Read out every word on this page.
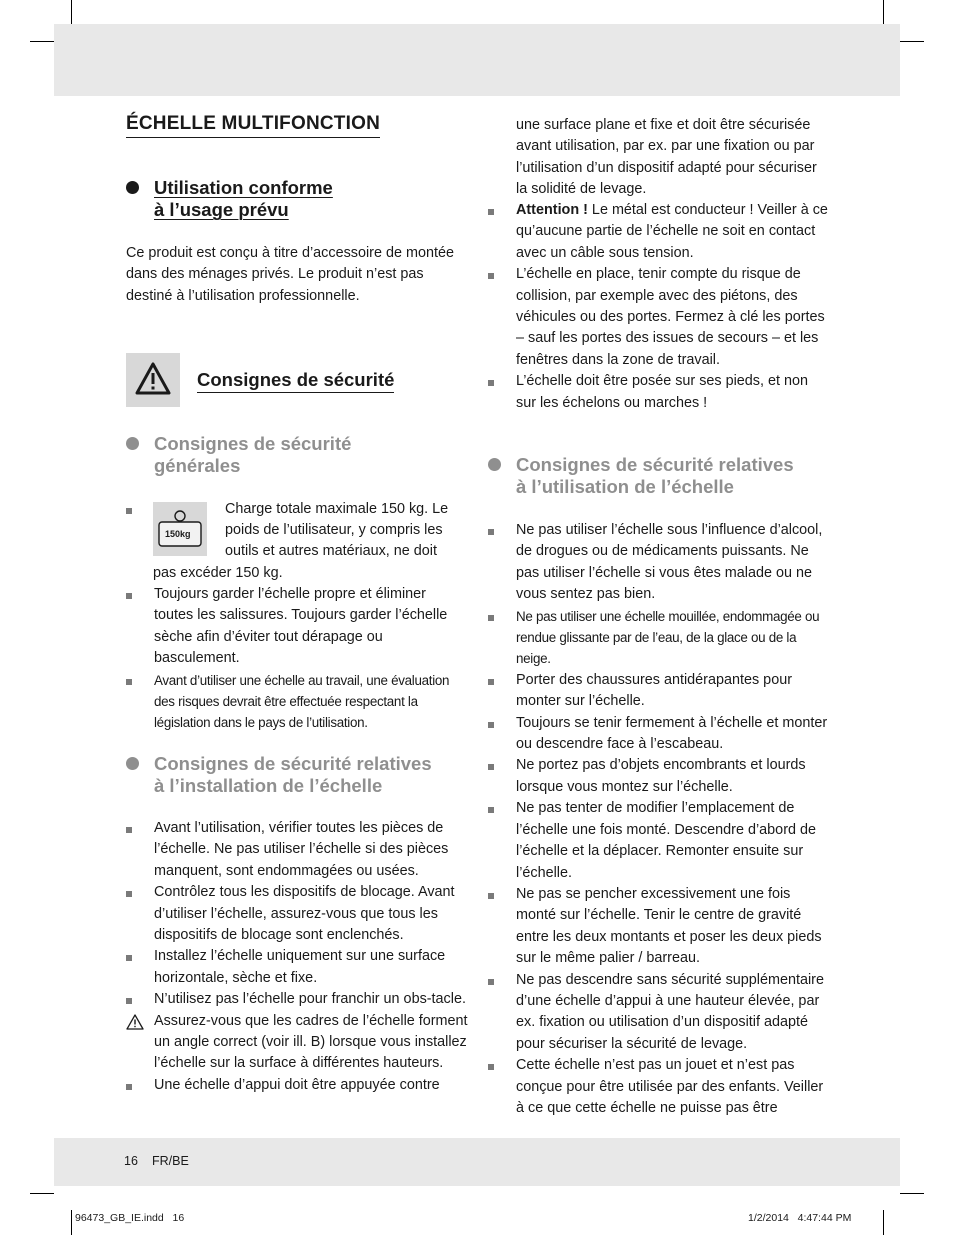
ÉCHELLE MULTIFONCTION
Utilisation conforme
à l’usage prévu

Ce produit est conçu à titre d’accessoire de montée dans des ménages privés. Le produit n’est pas destiné à l’utilisation professionnelle.

Consignes de sécurité
Consignes de sécurité
générales
150kg

Charge totale maximale 150 kg. Le

poids de l’utilisateur, y compris les

outils et autres matériaux, ne doit

pas excéder 150 kg.

Toujours garder l’échelle propre et éliminer toutes les salissures. Toujours garder l’échelle sèche afin d’éviter tout dérapage ou basculement.
Avant d’utiliser une échelle au travail, une évaluation des risques devrait être effectuée respectant la législation dans le pays de l’utilisation.
Consignes de sécurité relatives
à l’installation de l’échelle
Avant l’utilisation, vérifier toutes les pièces de l’échelle. Ne pas utiliser l’échelle si des pièces manquent, sont endommagées ou usées.
Contrôlez tous les dispositifs de blocage. Avant d’utiliser l’échelle, assurez-vous que tous les dispositifs de blocage sont enclenchés.
Installez l’échelle uniquement sur une surface horizontale, sèche et fixe.
N’utilisez pas l’échelle pour franchir un obs-tacle.
Assurez-vous que les cadres de l’échelle forment un angle correct (voir ill. B) lorsque vous installez l’échelle sur la surface à différentes hauteurs.
Une échelle d’appui doit être appuyée contre

une surface plane et fixe et doit être sécurisée avant utilisation, par ex. par une fixation ou par l’utilisation d’un dispositif adapté pour sécuriser la solidité de levage.

Attention ! Le métal est conducteur ! Veiller à ce qu’aucune partie de l’échelle ne soit en contact avec un câble sous tension.
L’échelle en place, tenir compte du risque de collision, par exemple avec des piétons, des véhicules ou des portes. Fermez à clé les portes – sauf les portes des issues de secours – et les fenêtres dans la zone de travail.
L’échelle doit être posée sur ses pieds, et non sur les échelons ou marches !
Consignes de sécurité relatives
à l’utilisation de l’échelle
Ne pas utiliser l’échelle sous l’influence d’alcool, de drogues ou de médicaments puissants. Ne pas utiliser l’échelle si vous êtes malade ou ne vous sentez pas bien.
Ne pas utiliser une échelle mouillée, endommagée ou rendue glissante par de l’eau, de la glace ou de la neige.
Porter des chaussures antidérapantes pour monter sur l’échelle.
Toujours se tenir fermement à l’échelle et monter ou descendre face à l’escabeau.
Ne portez pas d’objets encombrants et lourds lorsque vous montez sur l’échelle.
Ne pas tenter de modifier l’emplacement de l’échelle une fois monté. Descendre d’abord de l’échelle et la déplacer. Remonter ensuite sur l’échelle.
Ne pas se pencher excessivement une fois monté sur l’échelle. Tenir le centre de gravité entre les deux montants et poser les deux pieds sur le même palier / barreau.
Ne pas descendre sans sécurité supplémentaire d’une échelle d’appui à une hauteur élevée, par ex. fixation ou utilisation d’un dispositif adapté pour sécuriser la sécurité de levage.
Cette échelle n’est pas un jouet et n’est pas conçue pour être utilisée par des enfants. Veiller à ce que cette échelle ne puisse pas être
16 FR/BE
96473_GB_IE.indd   16	1/2/2014   4:47:44 PM
